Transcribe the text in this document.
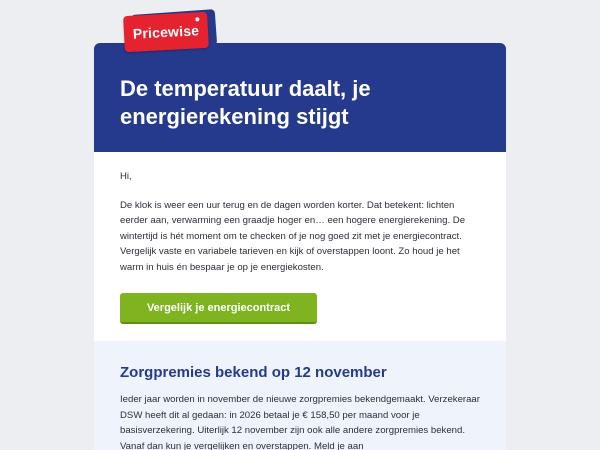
Pricewise
De temperatuur daalt, je energierekening stijgt

Hi,

De klok is weer een uur terug en de dagen worden korter. Dat betekent: lichten eerder aan, verwarming een graadje hoger en… een hogere energierekening. De wintertijd is hét moment om te checken of je nog goed zit met je energiecontract. Vergelijk vaste en variabele tarieven en kijk of overstappen loont. Zo houd je het warm in huis én bespaar je op je energiekosten.

Vergelijk je energiecontract
Zorgpremies bekend op 12 november

Ieder jaar worden in november de nieuwe zorgpremies bekendgemaakt. Verzekeraar DSW heeft dit al gedaan: in 2026 betaal je € 158,50 per maand voor je basisverzekering. Uiterlijk 12 november zijn ook alle andere zorgpremies bekend. Vanaf dan kun je vergelijken en overstappen. Meld je aan
